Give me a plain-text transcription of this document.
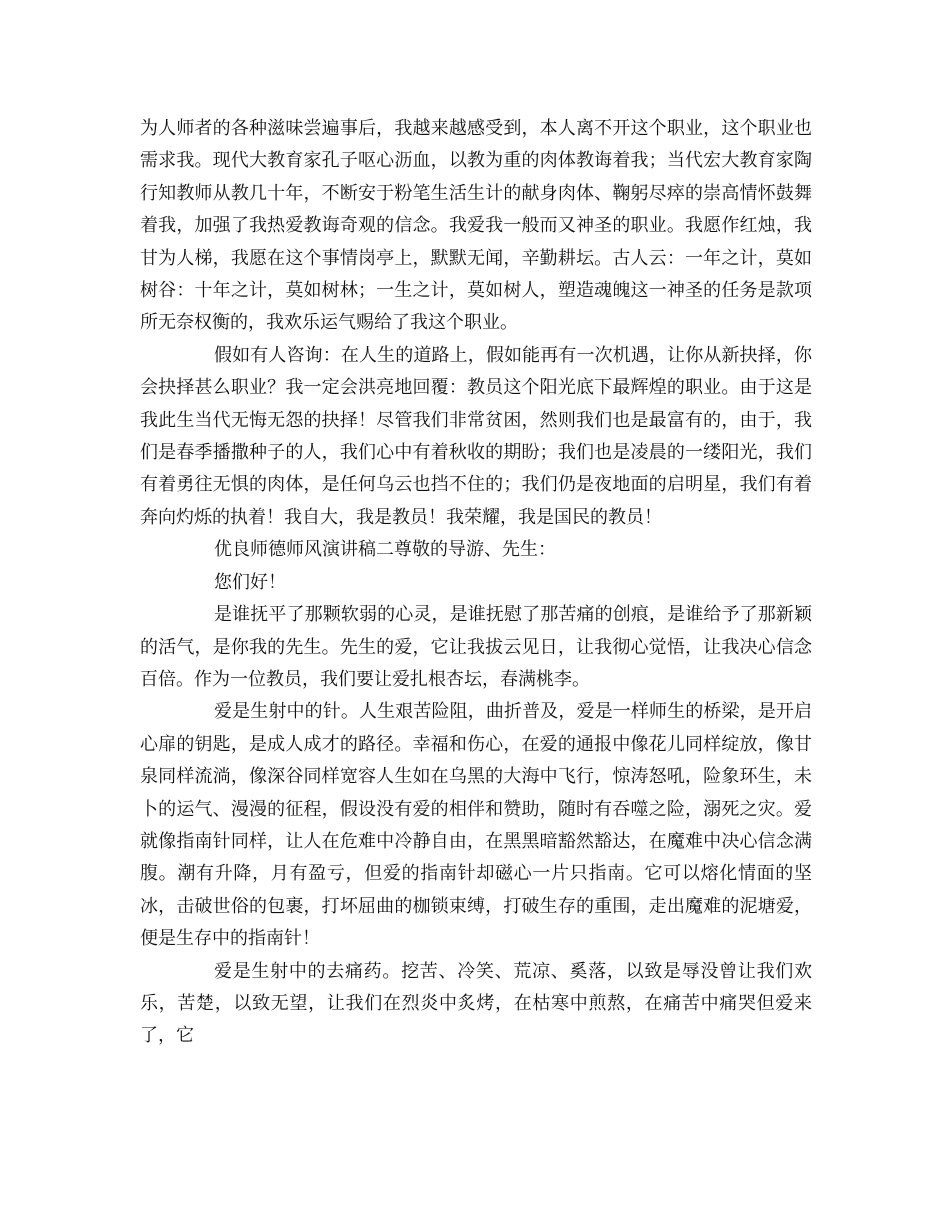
为人师者的各种滋味尝遍事后，我越来越感受到，本人离不开这个职业，这个职业也需求我。现代大教育家孔子呕心沥血，以教为重的肉体教诲着我；当代宏大教育家陶行知教师从教几十年，不断安于粉笔生活生计的献身肉体、鞠躬尽瘁的崇高情怀鼓舞着我，加强了我热爱教诲奇观的信念。我爱我一般而又神圣的职业。我愿作红烛，我甘为人梯，我愿在这个事情岗亭上，默默无闻，辛勤耕坛。古人云：一年之计，莫如树谷：十年之计，莫如树林；一生之计，莫如树人，塑造魂魄这一神圣的任务是款项所无奈权衡的，我欢乐运气赐给了我这个职业。

假如有人咨询：在人生的道路上，假如能再有一次机遇，让你从新抉择，你会抉择甚么职业？我一定会洪亮地回覆：教员这个阳光底下最辉煌的职业。由于这是我此生当代无悔无怨的抉择！尽管我们非常贫困，然则我们也是最富有的，由于，我们是春季播撒种子的人，我们心中有着秋收的期盼；我们也是凌晨的一缕阳光，我们有着勇往无惧的肉体，是任何乌云也挡不住的；我们仍是夜地面的启明星，我们有着奔向灼烁的执着！我自大，我是教员！我荣耀，我是国民的教员！

优良师德师风演讲稿二尊敬的导游、先生：

您们好！

是谁抚平了那颗软弱的心灵，是谁抚慰了那苦痛的创痕，是谁给予了那新颖的活气，是你我的先生。先生的爱，它让我拔云见日，让我彻心觉悟，让我决心信念百倍。作为一位教员，我们要让爱扎根杏坛，春满桃李。

爱是生射中的针。人生艰苦险阻，曲折普及，爱是一样师生的桥梁，是开启心扉的钥匙，是成人成才的路径。幸福和伤心，在爱的通报中像花儿同样绽放，像甘泉同样流淌，像深谷同样宽容人生如在乌黑的大海中飞行，惊涛怒吼，险象环生，未卜的运气、漫漫的征程，假设没有爱的相伴和赞助，随时有吞噬之险，溺死之灾。爱就像指南针同样，让人在危难中冷静自由，在黑黑暗豁然豁达，在魔难中决心信念满腹。潮有升降，月有盈亏，但爱的指南针却磁心一片只指南。它可以熔化情面的坚冰，击破世俗的包裹，打坏屈曲的枷锁束缚，打破生存的重围，走出魔难的泥塘爱，便是生存中的指南针！

爱是生射中的去痛药。挖苦、冷笑、荒凉、奚落，以致是辱没曾让我们欢乐，苦楚，以致无望，让我们在烈炎中炙烤，在枯寒中煎熬，在痛苦中痛哭但爱来了，它
